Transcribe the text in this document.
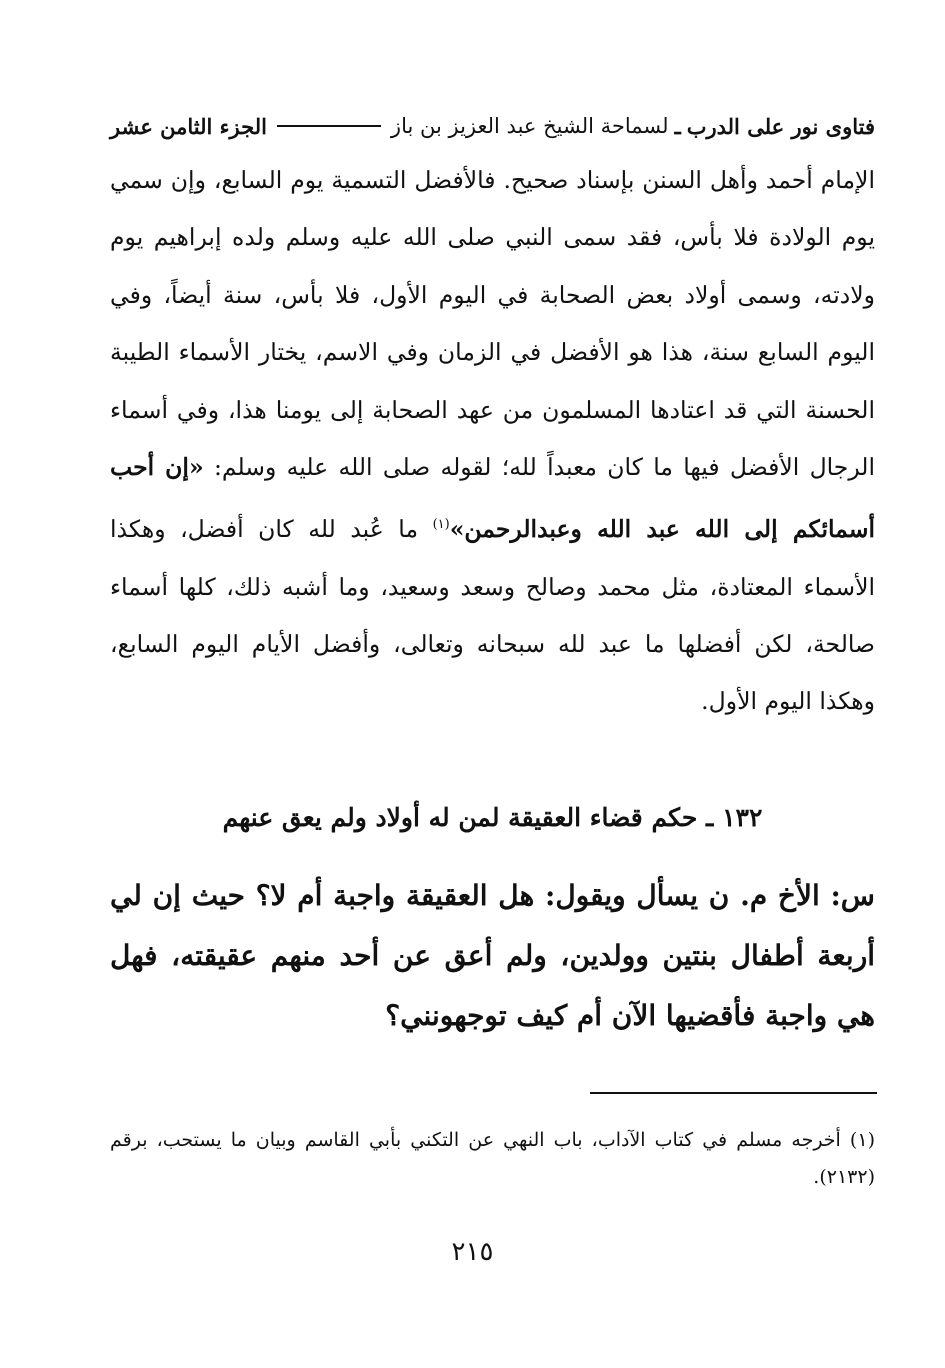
فتاوى نور على الدرب
ـ
لسماحة الشيخ عبد العزيز بن باز
الجزء الثامن عشر

الإمام أحمد وأهل السنن بإسناد صحيح. فالأفضل التسمية يوم السابع، وإن سمي يوم الولادة فلا بأس، فقد سمى النبي صلى الله عليه وسلم ولده إبراهيم يوم ولادته، وسمى أولاد بعض الصحابة في اليوم الأول، فلا بأس، سنة أيضاً، وفي اليوم السابع سنة، هذا هو الأفضل في الزمان وفي الاسم، يختار الأسماء الطيبة الحسنة التي قد اعتادها المسلمون من عهد الصحابة إلى يومنا هذا، وفي أسماء الرجال الأفضل فيها ما كان معبداً لله؛ لقوله صلى الله عليه وسلم: «إن أحب أسمائكم إلى الله عبد الله وعبدالرحمن»$^{(١)}$ ما عُبد لله كان أفضل، وهكذا الأسماء المعتادة، مثل محمد وصالح وسعد وسعيد، وما أشبه ذلك، كلها أسماء صالحة، لكن أفضلها ما عبد لله سبحانه وتعالى، وأفضل الأيام اليوم السابع، وهكذا اليوم الأول.

١٣٢ ـ حكم قضاء العقيقة لمن له أولاد ولم يعق عنهم

س: الأخ م. ن يسأل ويقول: هل العقيقة واجبة أم لا؟ حيث إن لي أربعة أطفال بنتين وولدين، ولم أعق عن أحد منهم عقيقته، فهل هي واجبة فأقضيها الآن أم كيف توجهونني؟

(١) أخرجه مسلم في كتاب الآداب، باب النهي عن التكني بأبي القاسم وبيان ما يستحب، برقم (٢١٣٢).

٢١٥
